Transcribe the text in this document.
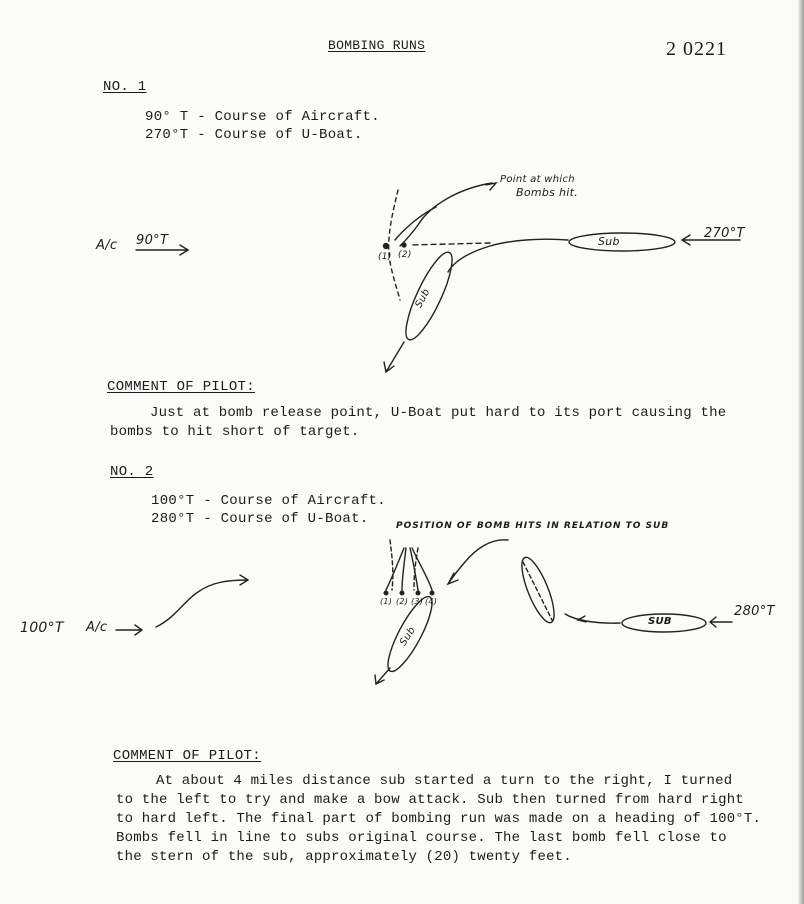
BOMBING RUNS	2 0221
NO. 1
90° T - Course of Aircraft.
270°T - Course of U-Boat.
A/c 90°T	270°T
Sub
Sub
Point at which
Bombs hit.
(1) (2)
COMMENT OF PILOT:
Just at bomb release point, U-Boat put hard to its port causing the
bombs to hit short of target.
NO. 2
100°T - Course of Aircraft.
280°T - Course of U-Boat.
100°T A/c
POSITION OF BOMB HITS IN RELATION TO SUB
280°T
SUB
Sub
(1) (2) (3) (4)
COMMENT OF PILOT:
At about 4 miles distance sub started a turn to the right, I turned
to the left to try and make a bow attack. Sub then turned from hard right
to hard left. The final part of bombing run was made on a heading of 100°T.
Bombs fell in line to subs original course. The last bomb fell close to
the stern of the sub, approximately (20) twenty feet.
